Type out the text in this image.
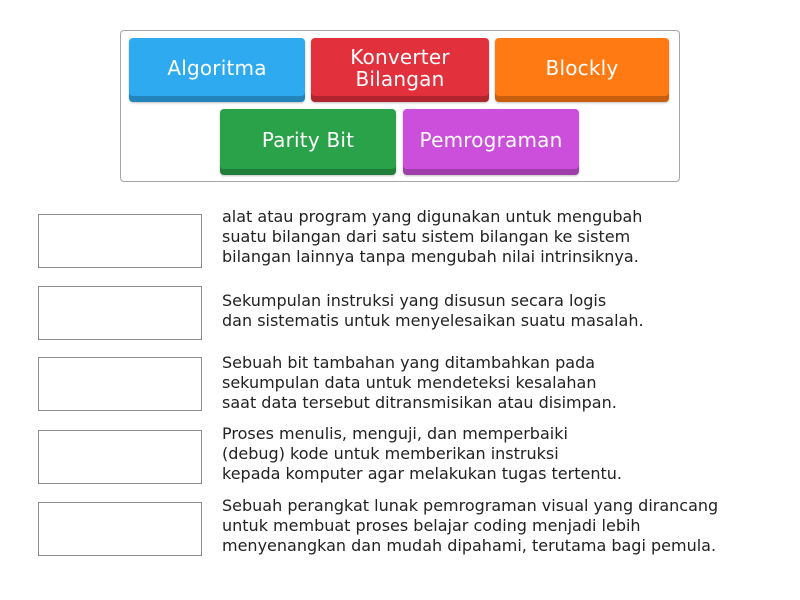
Algoritma	Konverter
Bilangan	Blockly
Parity Bit	Pemrograman
alat atau program yang digunakan untuk mengubah
suatu bilangan dari satu sistem bilangan ke sistem
bilangan lainnya tanpa mengubah nilai intrinsiknya.
Sekumpulan instruksi yang disusun secara logis
dan sistematis untuk menyelesaikan suatu masalah.
Sebuah bit tambahan yang ditambahkan pada
sekumpulan data untuk mendeteksi kesalahan
saat data tersebut ditransmisikan atau disimpan.
Proses menulis, menguji, dan memperbaiki
(debug) kode untuk memberikan instruksi
kepada komputer agar melakukan tugas tertentu.
Sebuah perangkat lunak pemrograman visual yang dirancang
untuk membuat proses belajar coding menjadi lebih
menyenangkan dan mudah dipahami, terutama bagi pemula.
